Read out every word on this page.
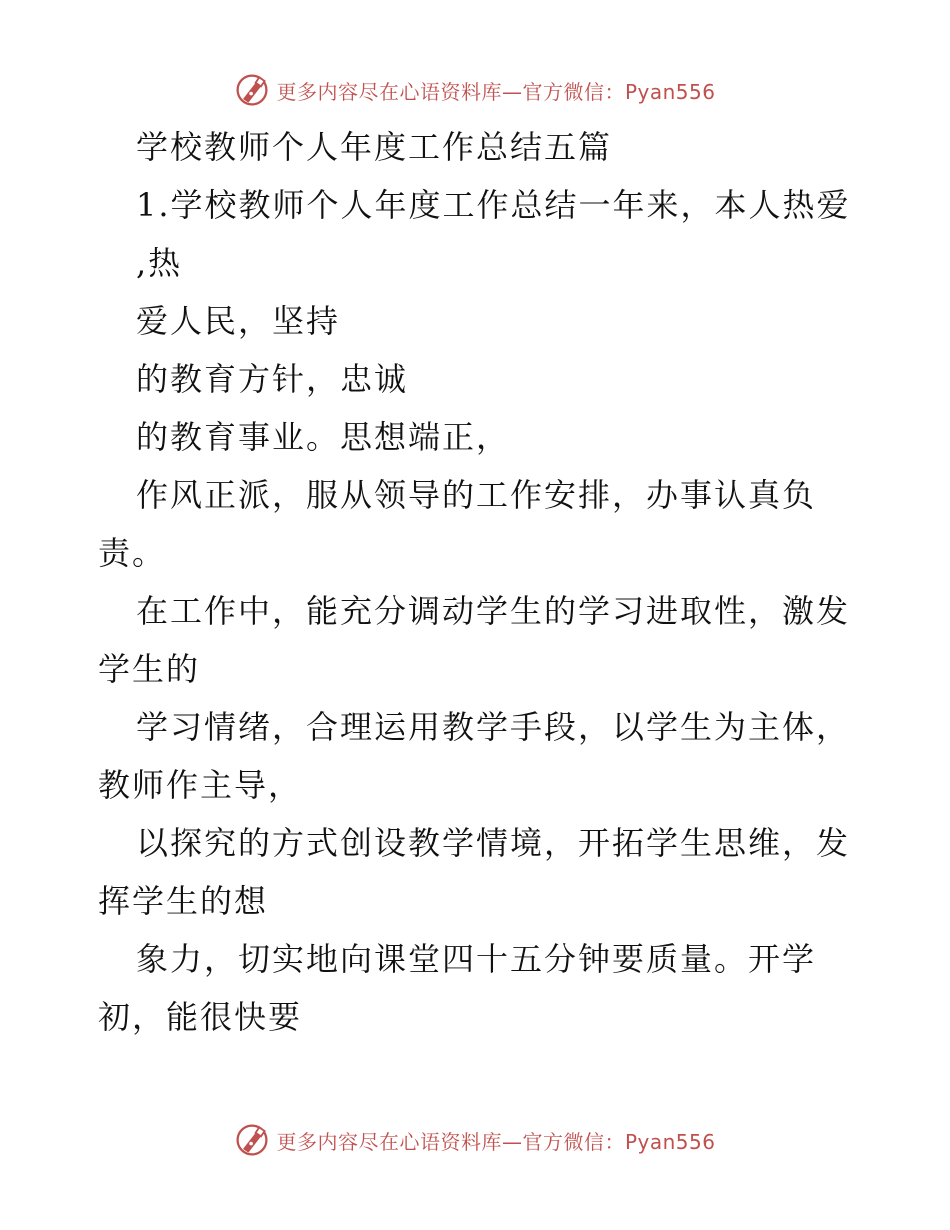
更多内容尽在心语资料库—官方微信：Pyan556
学校教师个人年度工作总结五篇
1.学校教师个人年度工作总结一年来，本人热爱
,热
爱人民，坚持
的教育方针，忠诚
的教育事业。思想端正，
作风正派，服从领导的工作安排，办事认真负
责。
在工作中，能充分调动学生的学习进取性，激发
学生的
学习情绪，合理运用教学手段，以学生为主体，
教师作主导，
以探究的方式创设教学情境，开拓学生思维，发
挥学生的想
象力，切实地向课堂四十五分钟要质量。开学
初，能很快要
更多内容尽在心语资料库—官方微信：Pyan556
